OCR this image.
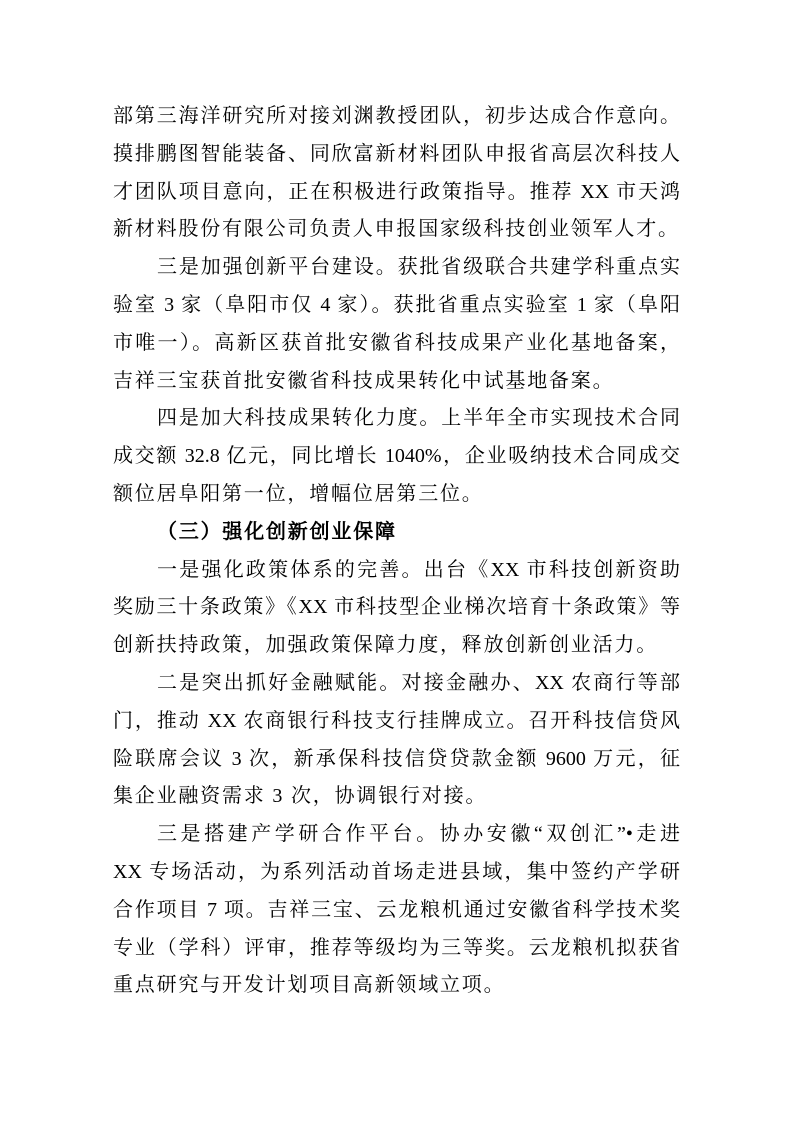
部第三海洋研究所对接刘渊教授团队，初步达成合作意向。
摸排鹏图智能装备、同欣富新材料团队申报省高层次科技人
才团队项目意向，正在积极进行政策指导。推荐 XX 市天鸿
新材料股份有限公司负责人申报国家级科技创业领军人才。
三是加强创新平台建设。获批省级联合共建学科重点实
验室 3 家（阜阳市仅 4 家）。获批省重点实验室 1 家（阜阳
市唯一）。高新区获首批安徽省科技成果产业化基地备案，
吉祥三宝获首批安徽省科技成果转化中试基地备案。
四是加大科技成果转化力度。上半年全市实现技术合同
成交额 32.8 亿元，同比增长 1040%，企业吸纳技术合同成交
额位居阜阳第一位，增幅位居第三位。
（三）强化创新创业保障
一是强化政策体系的完善。出台《XX 市科技创新资助
奖励三十条政策》《XX 市科技型企业梯次培育十条政策》等
创新扶持政策，加强政策保障力度，释放创新创业活力。
二是突出抓好金融赋能。对接金融办、XX 农商行等部
门，推动 XX 农商银行科技支行挂牌成立。召开科技信贷风
险联席会议 3 次，新承保科技信贷贷款金额 9600 万元，征
集企业融资需求 3 次，协调银行对接。
三是搭建产学研合作平台。协办安徽“双创汇”•走进
XX 专场活动，为系列活动首场走进县域，集中签约产学研
合作项目 7 项。吉祥三宝、云龙粮机通过安徽省科学技术奖
专业（学科）评审，推荐等级均为三等奖。云龙粮机拟获省
重点研究与开发计划项目高新领域立项。
